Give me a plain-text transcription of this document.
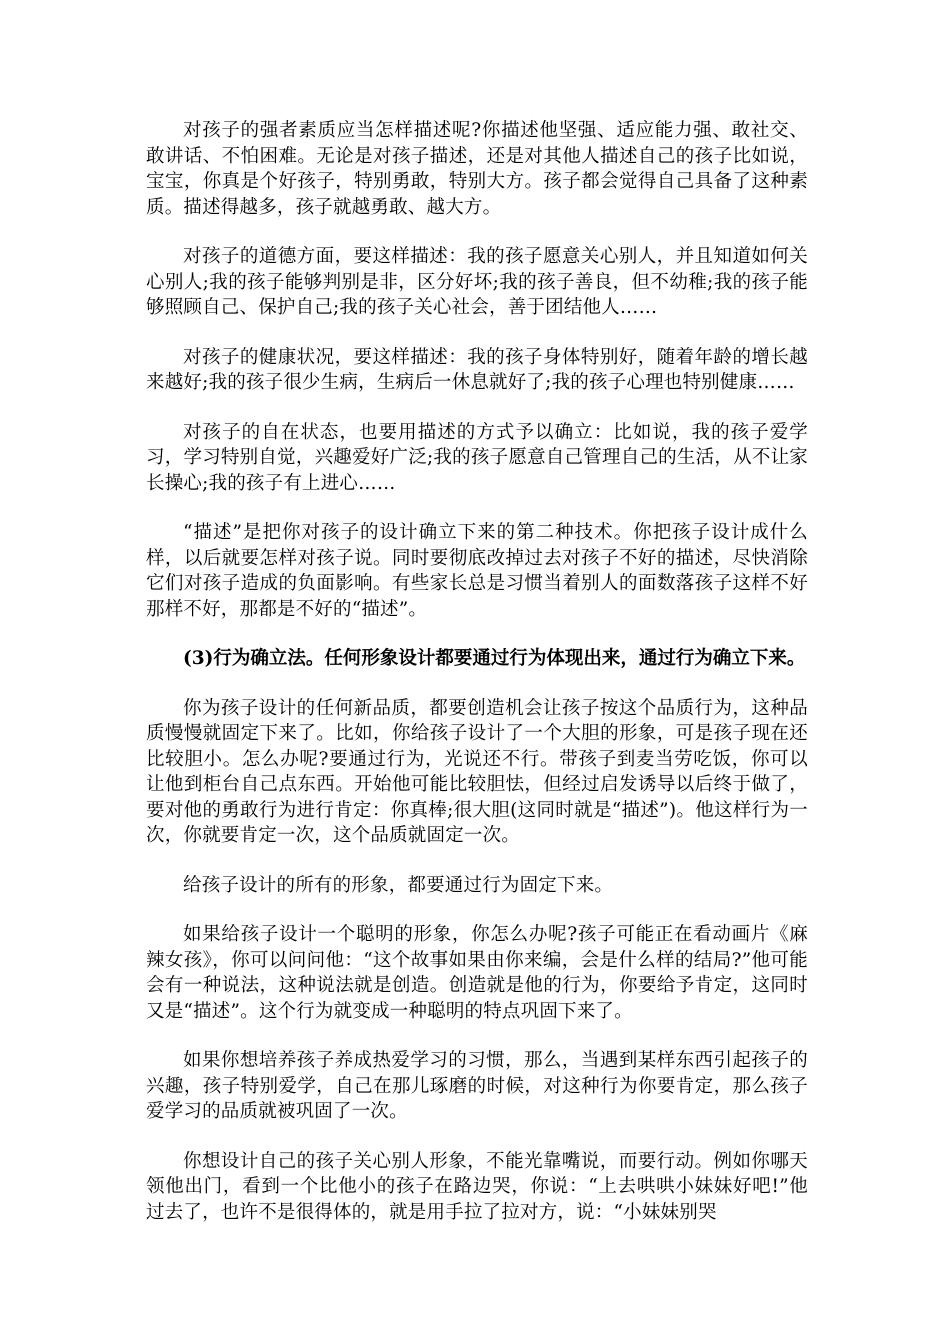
对孩子的强者素质应当怎样描述呢?你描述他坚强、适应能力强、敢社交、敢讲话、不怕困难。无论是对孩子描述，还是对其他人描述自己的孩子比如说，宝宝，你真是个好孩子，特别勇敢，特别大方。孩子都会觉得自己具备了这种素质。描述得越多，孩子就越勇敢、越大方。

对孩子的道德方面，要这样描述：我的孩子愿意关心别人，并且知道如何关心别人;我的孩子能够判别是非，区分好坏;我的孩子善良，但不幼稚;我的孩子能够照顾自己、保护自己;我的孩子关心社会，善于团结他人……

对孩子的健康状况，要这样描述：我的孩子身体特别好，随着年龄的增长越来越好;我的孩子很少生病，生病后一休息就好了;我的孩子心理也特别健康……

对孩子的自在状态，也要用描述的方式予以确立：比如说，我的孩子爱学习，学习特别自觉，兴趣爱好广泛;我的孩子愿意自己管理自己的生活，从不让家长操心;我的孩子有上进心……

“描述”是把你对孩子的设计确立下来的第二种技术。你把孩子设计成什么样，以后就要怎样对孩子说。同时要彻底改掉过去对孩子不好的描述，尽快消除它们对孩子造成的负面影响。有些家长总是习惯当着别人的面数落孩子这样不好那样不好，那都是不好的“描述”。

(3)行为确立法。任何形象设计都要通过行为体现出来，通过行为确立下来。

你为孩子设计的任何新品质，都要创造机会让孩子按这个品质行为，这种品质慢慢就固定下来了。比如，你给孩子设计了一个大胆的形象，可是孩子现在还比较胆小。怎么办呢?要通过行为，光说还不行。带孩子到麦当劳吃饭，你可以让他到柜台自己点东西。开始他可能比较胆怯，但经过启发诱导以后终于做了，要对他的勇敢行为进行肯定：你真棒;很大胆(这同时就是“描述”)。他这样行为一次，你就要肯定一次，这个品质就固定一次。

给孩子设计的所有的形象，都要通过行为固定下来。

如果给孩子设计一个聪明的形象，你怎么办呢?孩子可能正在看动画片《麻辣女孩》，你可以问问他：“这个故事如果由你来编，会是什么样的结局?”他可能会有一种说法，这种说法就是创造。创造就是他的行为，你要给予肯定，这同时又是“描述”。这个行为就变成一种聪明的特点巩固下来了。

如果你想培养孩子养成热爱学习的习惯，那么，当遇到某样东西引起孩子的兴趣，孩子特别爱学，自己在那儿琢磨的时候，对这种行为你要肯定，那么孩子爱学习的品质就被巩固了一次。

你想设计自己的孩子关心别人形象，不能光靠嘴说，而要行动。例如你哪天领他出门，看到一个比他小的孩子在路边哭，你说：“上去哄哄小妹妹好吧!”他过去了，也许不是很得体的，就是用手拉了拉对方，说：“小妹妹别哭
